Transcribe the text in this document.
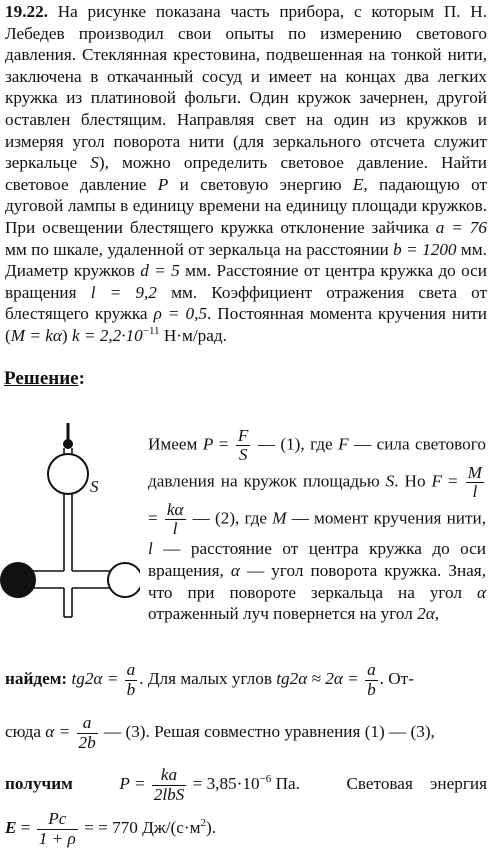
19.22. На рисунке показана часть прибора, с которым П. Н. Лебедев производил свои опыты по измерению светового давления. Стеклянная крестовина, подвешенная на тонкой нити, заключена в откачанный сосуд и имеет на концах два легких кружка из платиновой фольги. Один кружок зачернен, другой оставлен блестящим. Направляя свет на один из кружков и измеряя угол поворота нити (для зеркального отсчета служит зеркальце S), можно определить световое давление. Найти световое давление P и световую энергию E, падающую от дуговой лампы в единицу времени на единицу площади кружков. При освещении блестящего кружка отклонение зайчика a = 76 мм по шкале, удаленной от зеркальца на расстоянии b = 1200 мм. Диаметр кружков d = 5 мм. Расстояние от центра кружка до оси вращения l = 9,2 мм. Коэффициент отражения света от блестящего кружка ρ = 0,5. Постоянная момента кручения нити (M = kα) $k = 2,2\cdot 10^{-11}$ Н·м/рад.
Решение:
S
Имеем $P = \frac{F}{S}$ — (1), где F — сила светового давления на кружок площадью S. Но $F = \frac{M}{l}$
= $\frac{k\alpha}{l}$ — (2), где M — момент кручения нити, l — расстояние от центра кружка до оси вращения, α — угол поворота кружка. Зная, что при повороте зеркальца на угол α отраженный луч повернется на угол 2α,
найдем: $tg2\alpha = \frac{a}{b}$ . Для малых углов $tg2\alpha \approx 2\alpha = \frac{a}{b}$ . От-
сюда $\alpha = \frac{a}{2b}$ — (3). Решая совместно уравнения (1) — (3),
получим	$P = \frac{ka}{\text{2lbS}} = 3,85\cdot 10^{-6}$ Па.	Световая    энергия
$E = \frac{Pc}{1 + \rho}$ = = 770 $Дж/(с\cdot м^2)$.
